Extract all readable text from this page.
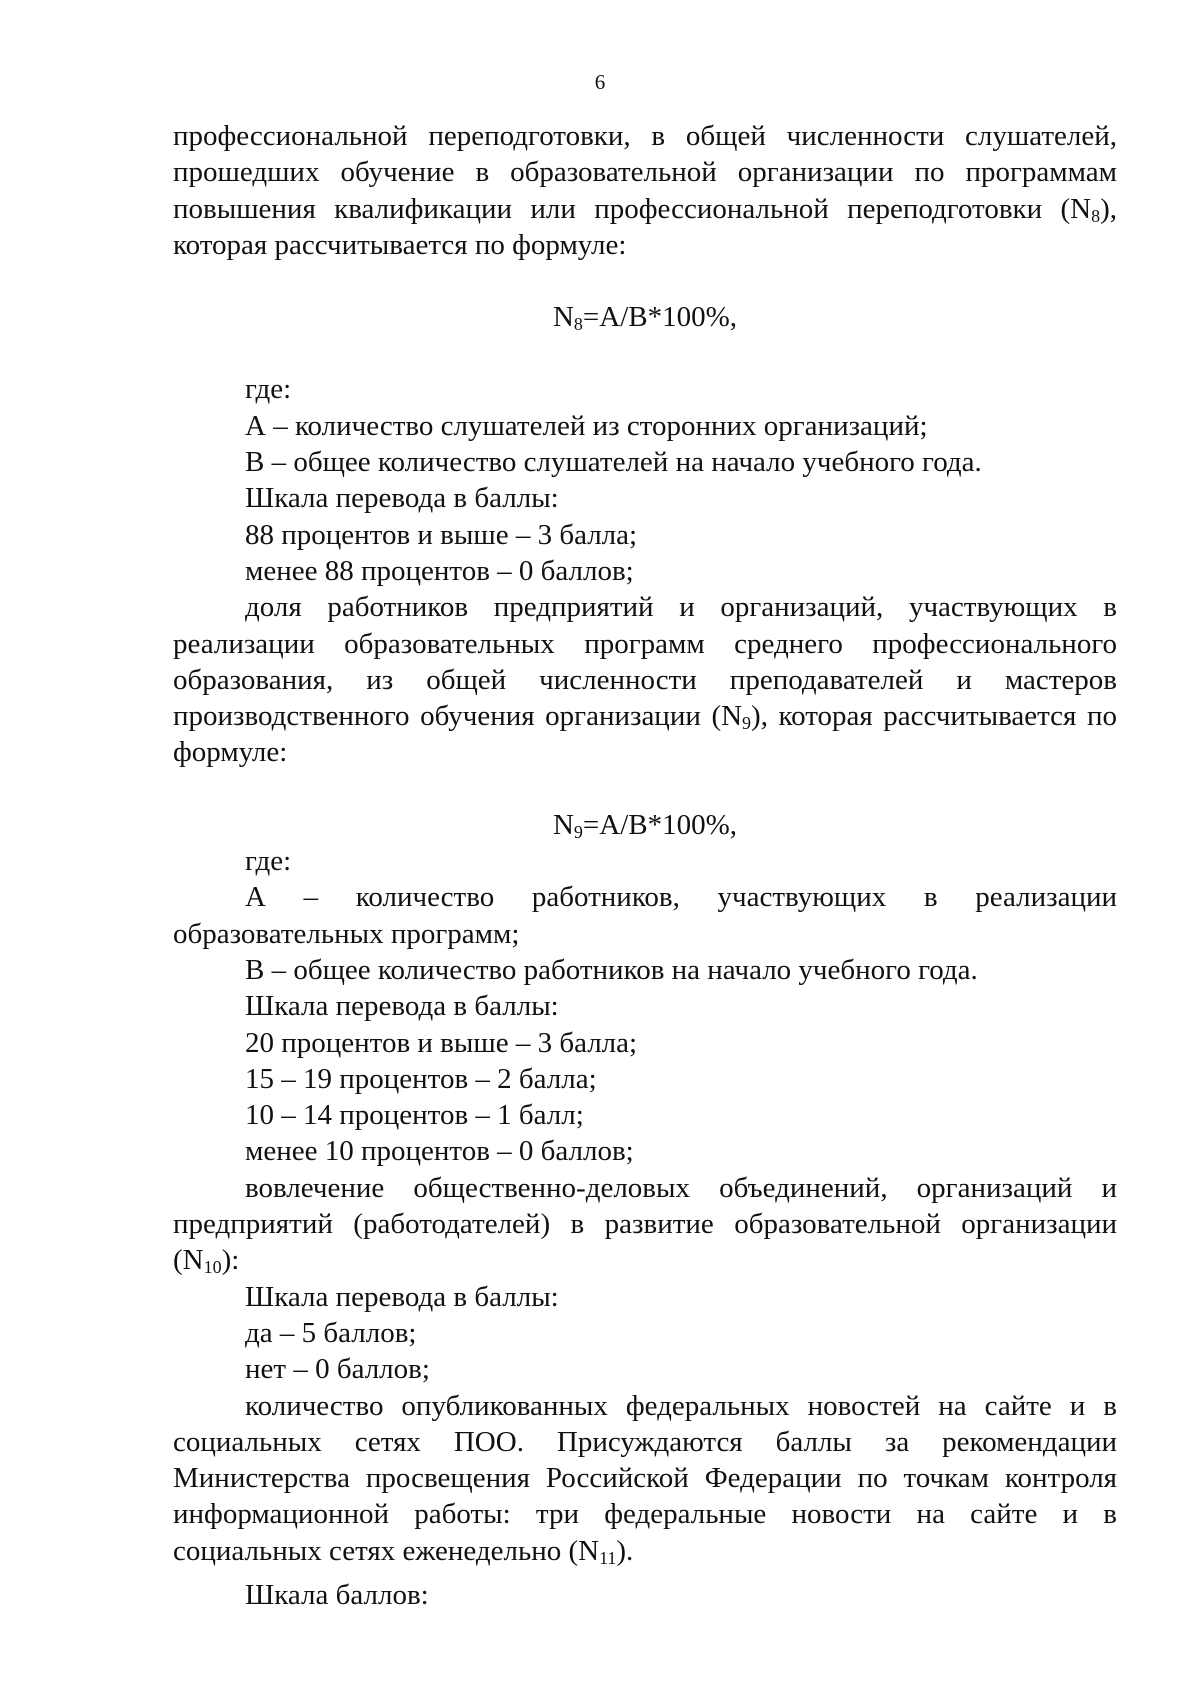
6

профессиональной переподготовки, в общей численности слушателей, прошедших обучение в образовательной организации по программам повышения квалификации или профессиональной переподготовки $(N_8)$, которая рассчитывается по формуле:

$N_8=A/B*100\%$,

где:

А – количество слушателей из сторонних организаций;

В – общее количество слушателей на начало учебного года.

Шкала перевода в баллы:

88 процентов и выше – 3 балла;

менее 88 процентов – 0 баллов;

доля работников предприятий и организаций, участвующих в реализации образовательных программ среднего профессионального образования, из общей численности преподавателей и мастеров производственного обучения организации $(N_9)$, которая рассчитывается по формуле:

$N_9=A/B*100\%$,

где:

А – количество работников, участвующих в реализации образовательных программ;

В – общее количество работников на начало учебного года.

Шкала перевода в баллы:

20 процентов и выше – 3 балла;

15 – 19 процентов – 2 балла;

10 – 14 процентов – 1 балл;

менее 10 процентов – 0 баллов;

вовлечение общественно-деловых объединений, организаций и предприятий (работодателей) в развитие образовательной организации $(N_{10})$:

Шкала перевода в баллы:

да – 5 баллов;

нет – 0 баллов;

количество опубликованных федеральных новостей на сайте и в социальных сетях ПОО. Присуждаются баллы за рекомендации Министерства просвещения Российской Федерации по точкам контроля информационной работы: три федеральные новости на сайте и в социальных сетях еженедельно $(N_{11})$.

Шкала баллов:
